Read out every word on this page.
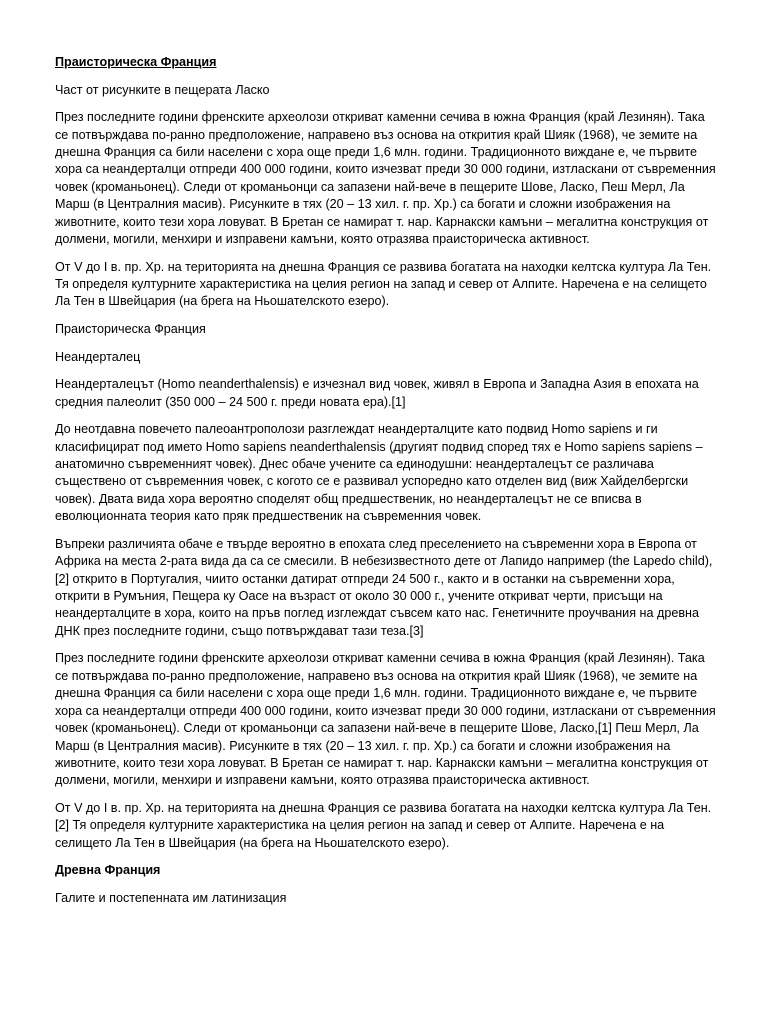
Праисторическа Франция

Част от рисунките в пещерата Ласко

През последните години френските археолози откриват каменни сечива в южна Франция (край Лезинян). Така се потвърждава по-ранно предположение, направено въз основа на открития край Шияк (1968), че земите на днешна Франция са били населени с хора още преди 1,6 млн. години. Традиционното виждане е, че първите хора са неандерталци отпреди 400 000 години, които изчезват преди 30 000 години, изтласкани от съвременния човек (кроманьонец). Следи от кроманьонци са запазени най-вече в пещерите Шове, Ласко, Пеш Мерл, Ла Марш (в Централния масив). Рисунките в тях (20 – 13 хил. г. пр. Хр.) са богати и сложни изображения на животните, които тези хора ловуват. В Бретан се намират т. нар. Карнакски камъни – мегалитна конструкция от долмени, могили, менхири и изправени камъни, която отразява праисторическа активност.

От V до I в. пр. Хр. на територията на днешна Франция се развива богатата на находки келтска култура Ла Тен. Тя определя културните характеристика на целия регион на запад и север от Алпите. Наречена е на селището Ла Тен в Швейцария (на брега на Ньошателското езеро).

Праисторическа Франция

Неандерталец

Неандерталецът (Homo neanderthalensis) е изчезнал вид човек, живял в Европа и Западна Азия в епохата на средния палеолит (350 000 – 24 500 г. преди новата ера).[1]

До неотдавна повечето палеоантрополози разглеждат неандерталците като подвид Homo sapiens и ги класифицират под името Homo sapiens neanderthalensis (другият подвид според тях е Homo sapiens sapiens – анатомично съвременният човек). Днес обаче учените са единодушни: неандерталецът се различава съществено от съвременния човек, с когото се е развивал успоредно като отделен вид (виж Хайделбергски човек). Двата вида хора вероятно споделят общ предшественик, но неандерталецът не се вписва в еволюционната теория като пряк предшественик на съвременния човек.

Въпреки различията обаче е твърде вероятно в епохата след преселението на съвременни хора в Европа от Африка на места 2-рата вида да са се смесили. В небезизвестното дете от Лапидо например (the Lapedo child),[2] открито в Португалия, чиито останки датират отпреди 24 500 г., както и в останки на съвременни хора, открити в Румъния, Пещера ку Оасе на възраст от около 30 000 г., учените откриват черти, присъщи на неандерталците в хора, които на пръв поглед изглеждат съвсем като нас. Генетичните проучвания на древна ДНК през последните години, също потвърждават тази теза.[3]

През последните години френските археолози откриват каменни сечива в южна Франция (край Лезинян). Така се потвърждава по-ранно предположение, направено въз основа на открития край Шияк (1968), че земите на днешна Франция са били населени с хора още преди 1,6 млн. години. Традиционното виждане е, че първите хора са неандерталци отпреди 400 000 години, които изчезват преди 30 000 години, изтласкани от съвременния човек (кроманьонец). Следи от кроманьонци са запазени най-вече в пещерите Шове, Ласко,[1] Пеш Мерл, Ла Марш (в Централния масив). Рисунките в тях (20 – 13 хил. г. пр. Хр.) са богати и сложни изображения на животните, които тези хора ловуват. В Бретан се намират т. нар. Карнакски камъни – мегалитна конструкция от долмени, могили, менхири и изправени камъни, която отразява праисторическа активност.

От V до I в. пр. Хр. на територията на днешна Франция се развива богатата на находки келтска култура Ла Тен.[2] Тя определя културните характеристика на целия регион на запад и север от Алпите. Наречена е на селището Ла Тен в Швейцария (на брега на Ньошателското езеро).

Древна Франция

Галите и постепенната им латинизация
